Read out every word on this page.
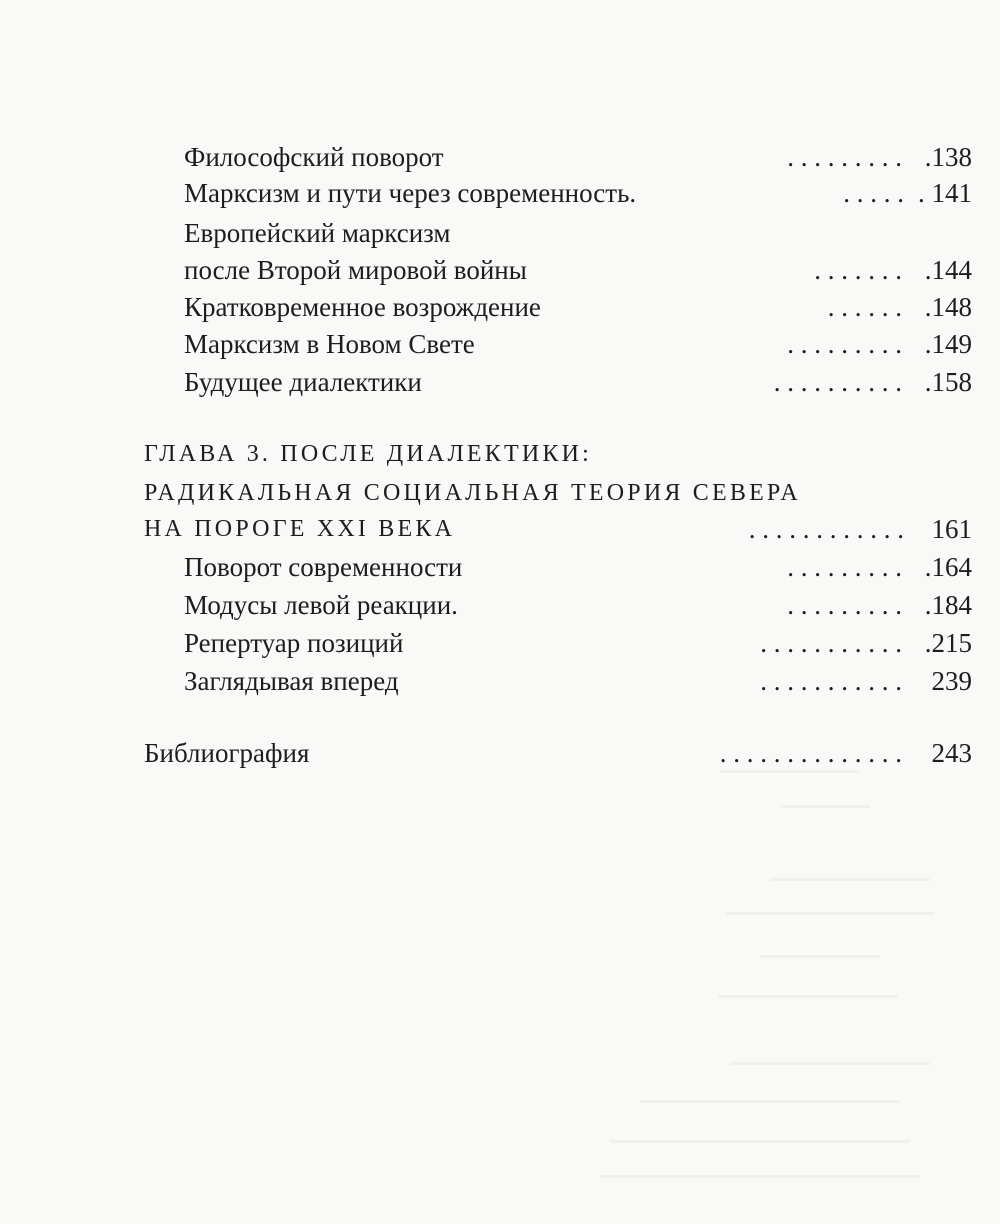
Философский поворот	. . . . . . . . . .138
Марксизм и пути через современность.	. . . . . . 141
Европейский марксизм
после Второй мировой войны	. . . . . . . .144
Кратковременное возрождение	. . . . . . .148
Марксизм в Новом Свете	. . . . . . . . . .149
Будущее диалектики	. . . . . . . . . . .158
ГЛАВА 3. ПОСЛЕ ДИАЛЕКТИКИ:
РАДИКАЛЬНАЯ СОЦИАЛЬНАЯ ТЕОРИЯ СЕВЕРА
НА ПОРОГЕ XXI ВЕКА	. . . . . . . . . . . . 161
Поворот современности	. . . . . . . . . .164
Модусы левой реакции.	. . . . . . . . . .184
Репертуар позиций	. . . . . . . . . . . .215
Заглядывая вперед	. . . . . . . . . . . 239
Библиография	. . . . . . . . . . . . . . 243
